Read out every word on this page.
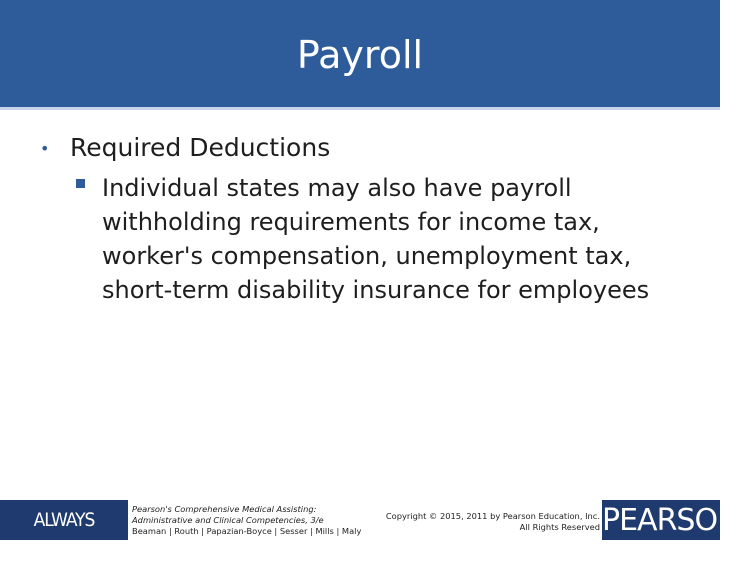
Payroll
• Required Deductions
Individual states may also have payroll withholding requirements for income tax, worker's compensation, unemployment tax, short-term disability insurance for employees
ALWAYS LEARNING
Pearson's Comprehensive Medical Assisting:
Administrative and Clinical Competencies, 3/e
Beaman | Routh | Papazian-Boyce | Sesser | Mills | Maly
Copyright © 2015, 2011 by Pearson Education, Inc.
All Rights Reserved PEARSON
